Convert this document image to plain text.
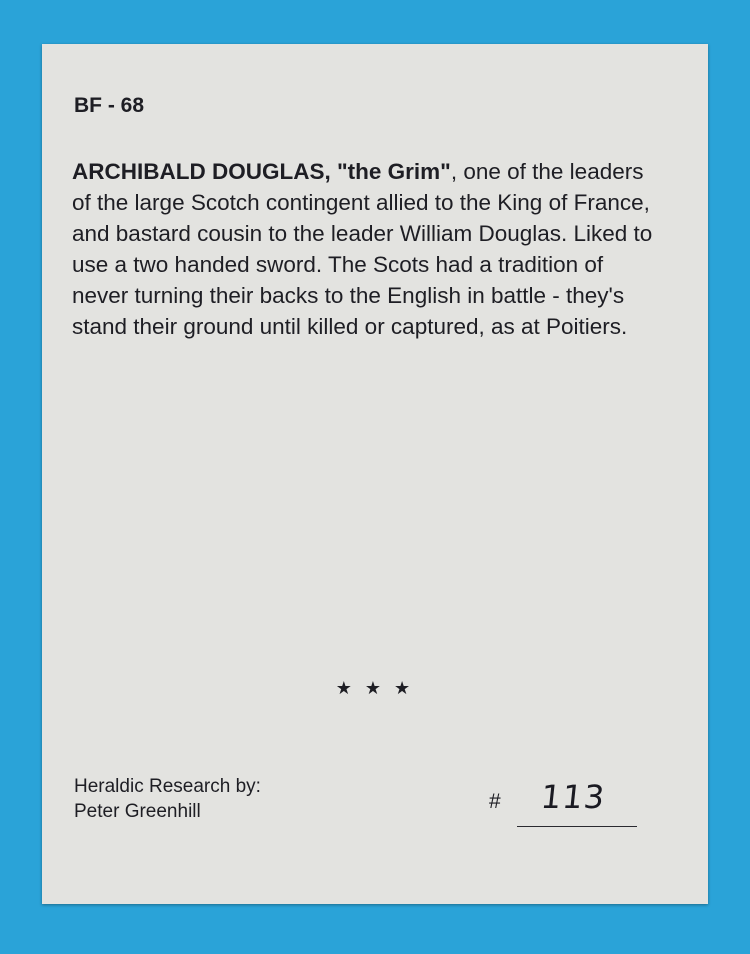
BF - 68

ARCHIBALD DOUGLAS, "the Grim", one of the leaders of the large Scotch contingent allied to the King of France, and bastard cousin to the leader William Douglas. Liked to use a two handed sword. The Scots had a tradition of never turning their backs to the English in battle - they's stand their ground until killed or captured, as at Poitiers.

★ ★ ★
Heraldic Research by:
Peter Greenhill	# 113
